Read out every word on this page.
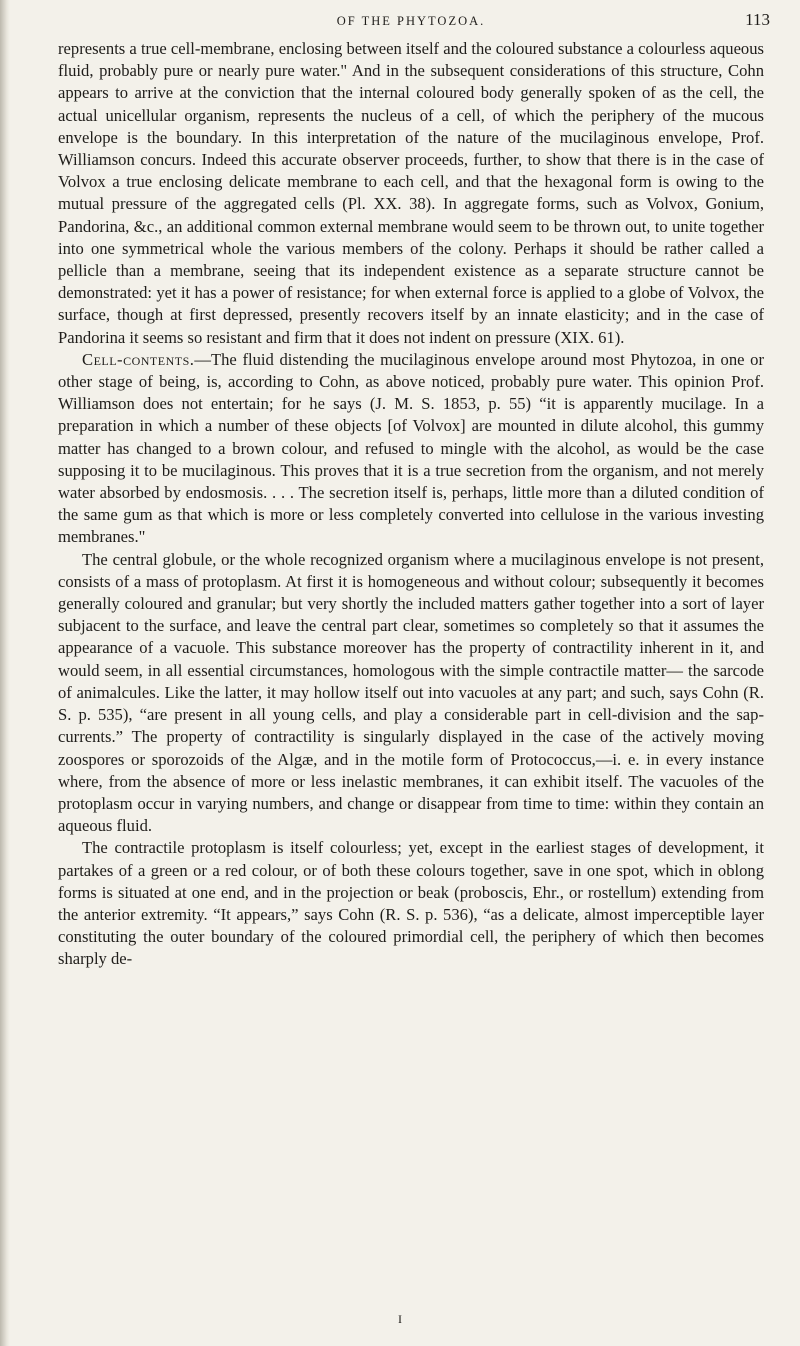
OF THE PHYTOZOA.	113

represents a true cell-membrane, enclosing between itself and the coloured substance a colourless aqueous fluid, probably pure or nearly pure water." And in the subsequent considerations of this structure, Cohn appears to arrive at the conviction that the internal coloured body generally spoken of as the cell, the actual unicellular organism, represents the nucleus of a cell, of which the periphery of the mucous envelope is the boundary. In this interpretation of the nature of the mucilaginous envelope, Prof. Williamson concurs. Indeed this accurate observer proceeds, further, to show that there is in the case of Volvox a true enclosing delicate membrane to each cell, and that the hexagonal form is owing to the mutual pressure of the aggregated cells (Pl. XX. 38). In aggregate forms, such as Volvox, Gonium, Pandorina, &c., an additional common external membrane would seem to be thrown out, to unite together into one symmetrical whole the various members of the colony. Perhaps it should be rather called a pellicle than a membrane, seeing that its independent existence as a separate structure cannot be demonstrated: yet it has a power of resistance; for when external force is applied to a globe of Volvox, the surface, though at first depressed, presently recovers itself by an innate elasticity; and in the case of Pandorina it seems so resistant and firm that it does not indent on pressure (XIX. 61).

Cell-contents.—The fluid distending the mucilaginous envelope around most Phytozoa, in one or other stage of being, is, according to Cohn, as above noticed, probably pure water. This opinion Prof. Williamson does not entertain; for he says (J. M. S. 1853, p. 55) “it is apparently mucilage. In a preparation in which a number of these objects [of Volvox] are mounted in dilute alcohol, this gummy matter has changed to a brown colour, and refused to mingle with the alcohol, as would be the case supposing it to be mucilaginous. This proves that it is a true secretion from the organism, and not merely water absorbed by endosmosis. . . . The secretion itself is, perhaps, little more than a diluted condition of the same gum as that which is more or less completely converted into cellulose in the various investing membranes."

The central globule, or the whole recognized organism where a mucilaginous envelope is not present, consists of a mass of protoplasm. At first it is homogeneous and without colour; subsequently it becomes generally coloured and granular; but very shortly the included matters gather together into a sort of layer subjacent to the surface, and leave the central part clear, sometimes so completely so that it assumes the appearance of a vacuole. This substance moreover has the property of contractility inherent in it, and would seem, in all essential circumstances, homologous with the simple contractile matter— the sarcode of animalcules. Like the latter, it may hollow itself out into vacuoles at any part; and such, says Cohn (R. S. p. 535), “are present in all young cells, and play a considerable part in cell-division and the sap-currents.” The property of contractility is singularly displayed in the case of the actively moving zoospores or sporozoids of the Algæ, and in the motile form of Protococcus,—i. e. in every instance where, from the absence of more or less inelastic membranes, it can exhibit itself. The vacuoles of the protoplasm occur in varying numbers, and change or disappear from time to time: within they contain an aqueous fluid.

The contractile protoplasm is itself colourless; yet, except in the earliest stages of development, it partakes of a green or a red colour, or of both these colours together, save in one spot, which in oblong forms is situated at one end, and in the projection or beak (proboscis, Ehr., or rostellum) extending from the anterior extremity. “It appears,” says Cohn (R. S. p. 536), “as a delicate, almost imperceptible layer constituting the outer boundary of the coloured primordial cell, the periphery of which then becomes sharply de-

I
